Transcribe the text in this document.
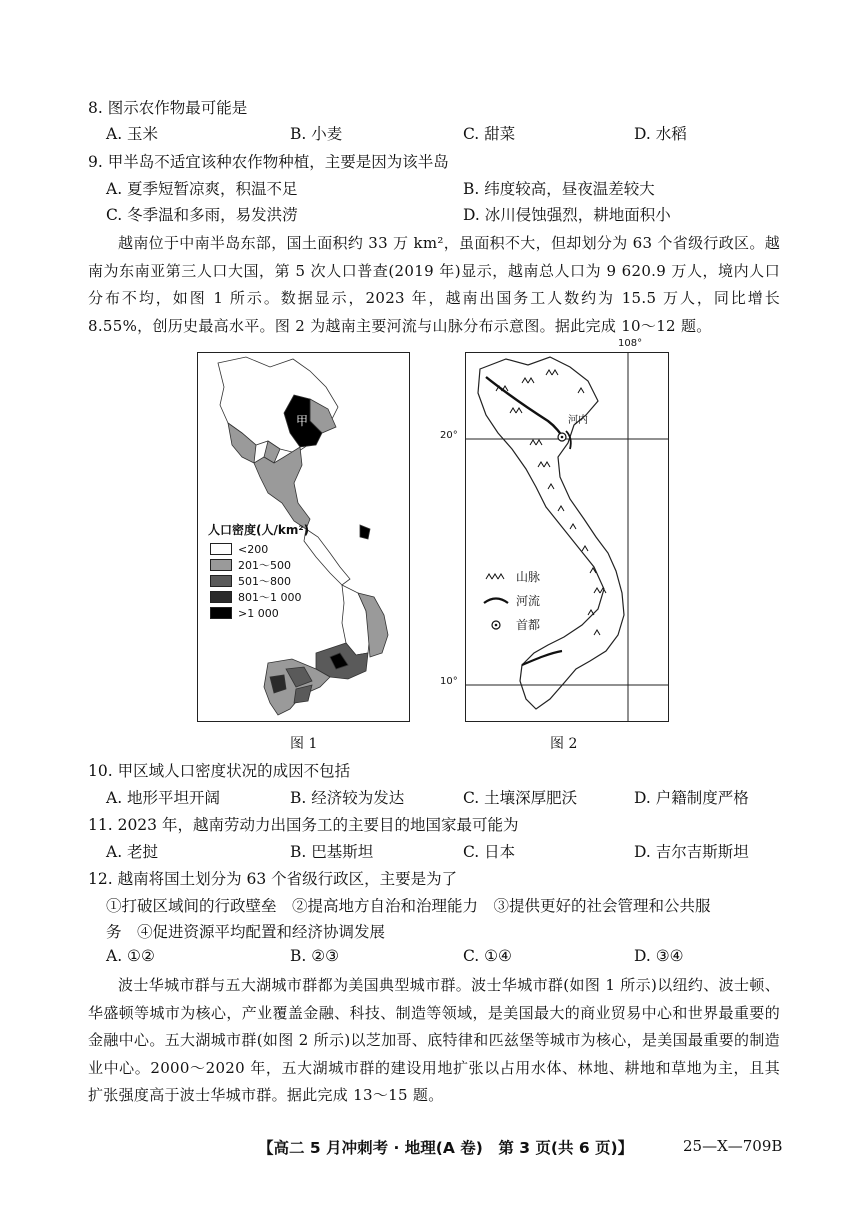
8. 图示农作物最可能是
A. 玉米	B. 小麦	C. 甜菜	D. 水稻
9. 甲半岛不适宜该种农作物种植，主要是因为该半岛
A. 夏季短暂凉爽，积温不足	B. 纬度较高，昼夜温差较大
C. 冬季温和多雨，易发洪涝	D. 冰川侵蚀强烈，耕地面积小
越南位于中南半岛东部，国土面积约 33 万 km²，虽面积不大，但却划分为 63 个省级行政区。越南为东南亚第三人口大国，第 5 次人口普查(2019 年)显示，越南总人口为 9 620.9 万人，境内人口分布不均，如图 1 所示。数据显示，2023 年，越南出国务工人数约为 15.5 万人，同比增长 8.55%，创历史最高水平。图 2 为越南主要河流与山脉分布示意图。据此完成 10～12 题。
甲
人口密度(人/km²)
<200
201～500
501～800
801～1 000
>1 000
图 1
山脉
河流
首都
河内
108°
20°
10°
图 2
10. 甲区域人口密度状况的成因不包括
A. 地形平坦开阔	B. 经济较为发达	C. 土壤深厚肥沃	D. 户籍制度严格
11. 2023 年，越南劳动力出国务工的主要目的地国家最可能为
A. 老挝	B. 巴基斯坦	C. 日本	D. 吉尔吉斯斯坦
12. 越南将国土划分为 63 个省级行政区，主要是为了
①打破区域间的行政壁垒　②提高地方自治和治理能力　③提供更好的社会管理和公共服
务　④促进资源平均配置和经济协调发展
A. ①②	B. ②③	C. ①④	D. ③④
波士华城市群与五大湖城市群都为美国典型城市群。波士华城市群(如图 1 所示)以纽约、波士顿、华盛顿等城市为核心，产业覆盖金融、科技、制造等领域，是美国最大的商业贸易中心和世界最重要的金融中心。五大湖城市群(如图 2 所示)以芝加哥、底特律和匹兹堡等城市为核心，是美国最重要的制造业中心。2000～2020 年，五大湖城市群的建设用地扩张以占用水体、林地、耕地和草地为主，且其扩张强度高于波士华城市群。据此完成 13～15 题。
【高二 5 月冲刺考 · 地理(A 卷)　第 3 页(共 6 页)】	25—X—709B
